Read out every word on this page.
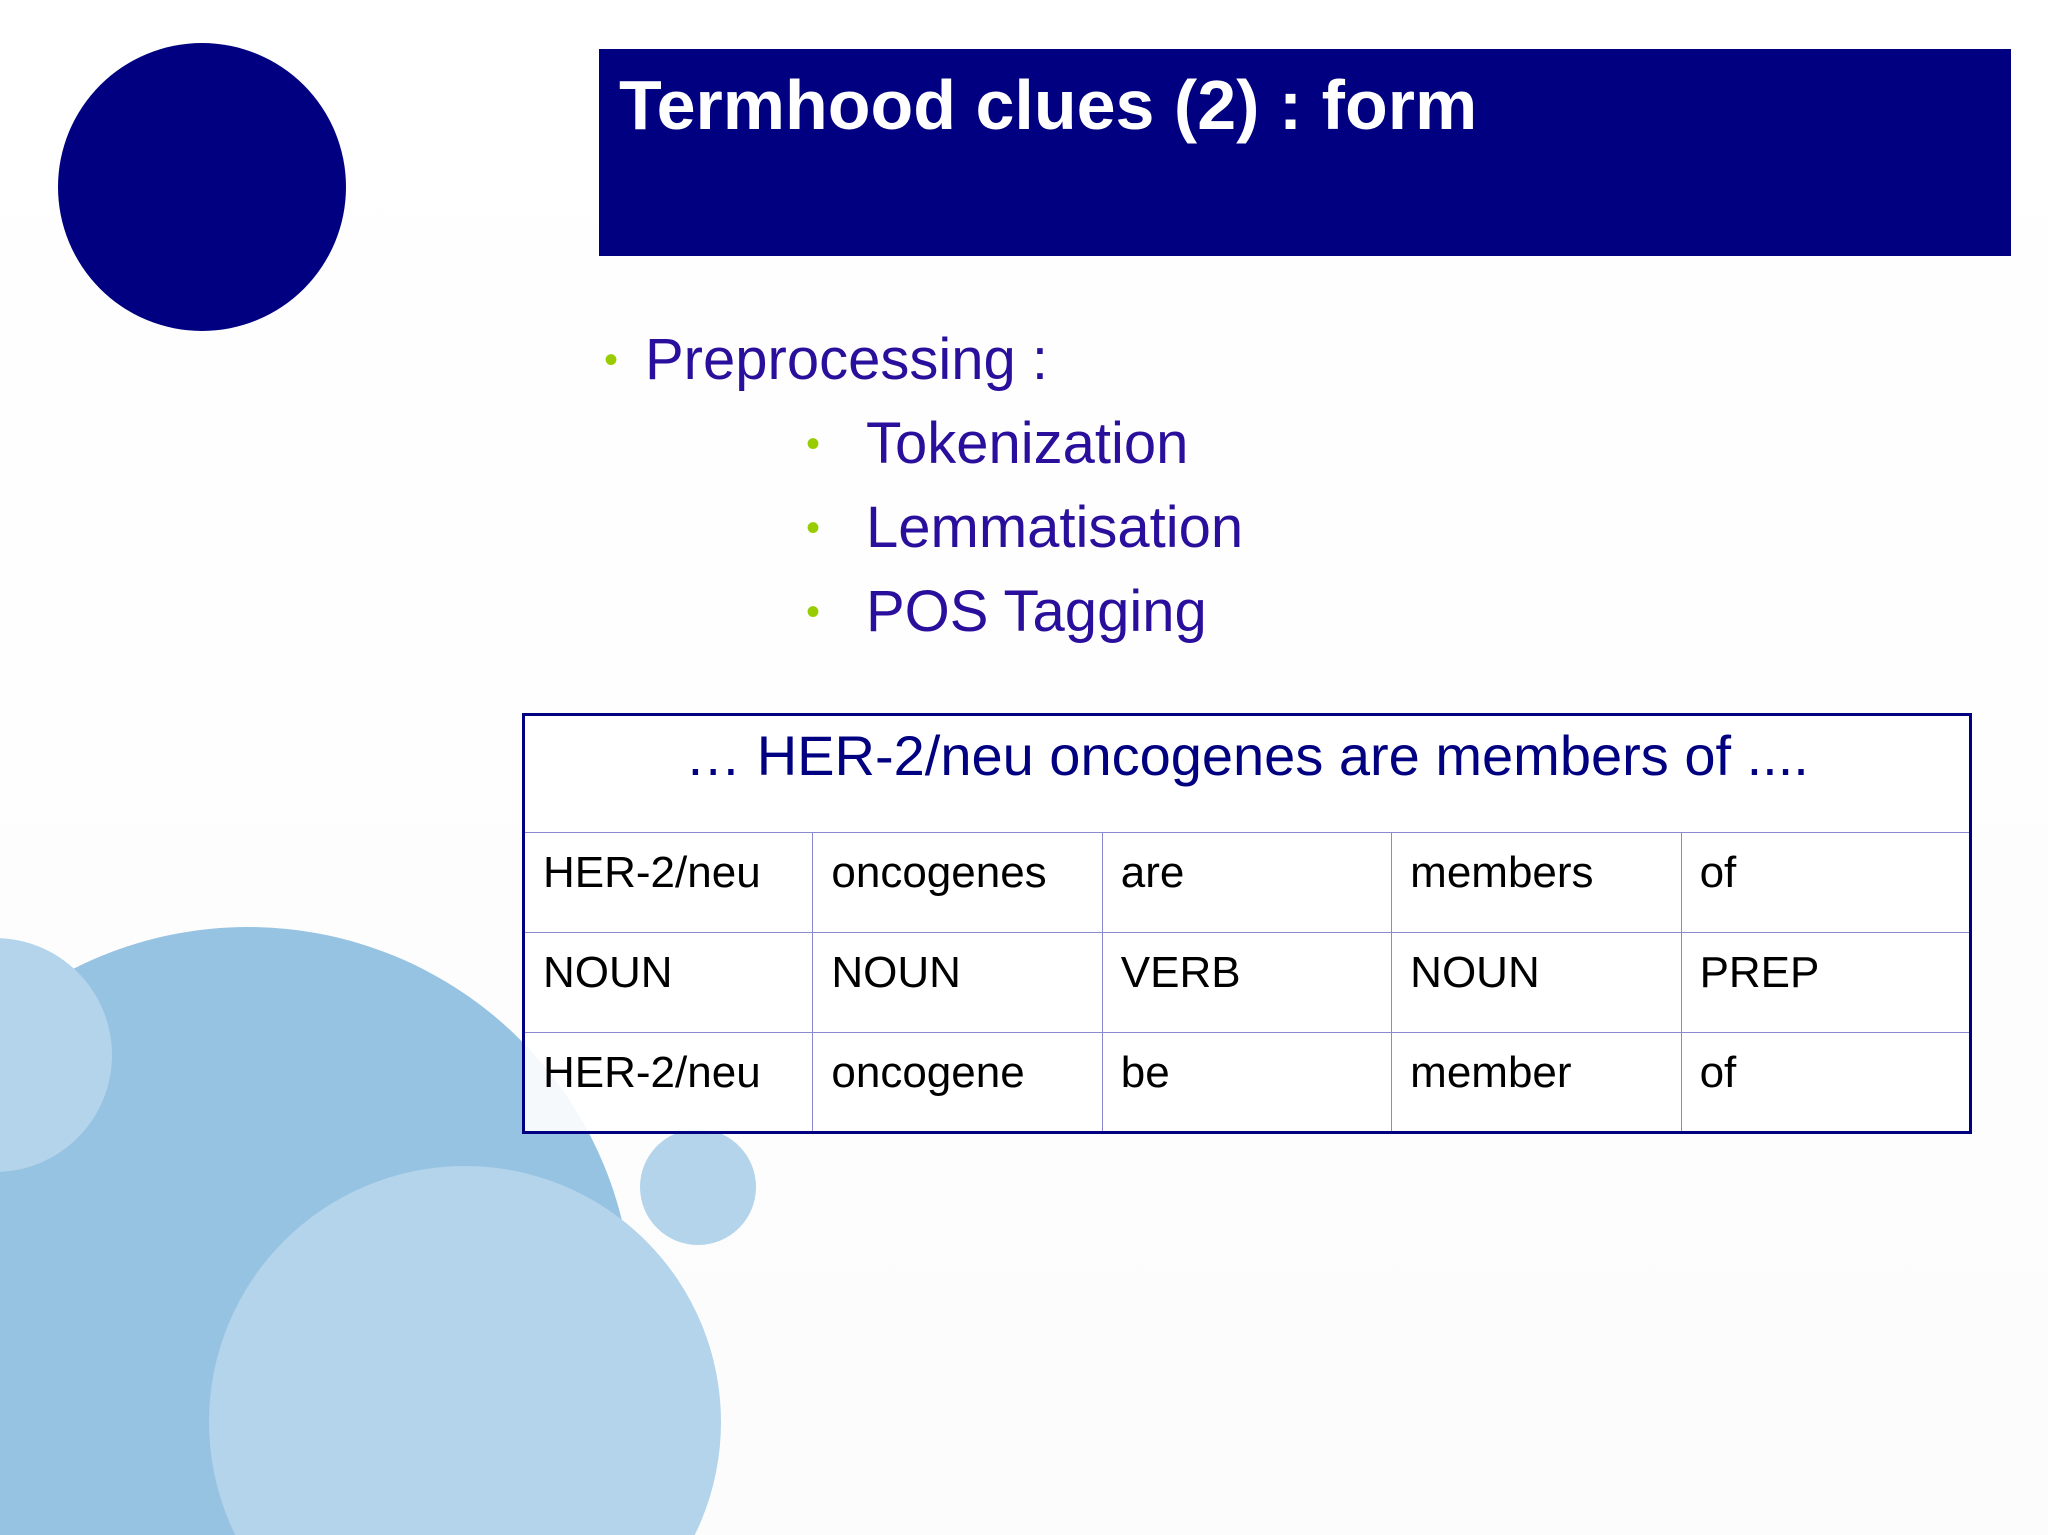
Termhood clues (2) : form
• Preprocessing :
• Tokenization
• Lemmatisation
• POS Tagging
… HER-2/neu oncogenes are members of ....				
HER-2/neu	oncogenes	are	members	of
NOUN	NOUN	VERB	NOUN	PREP
HER-2/neu	oncogene	be	member	of
